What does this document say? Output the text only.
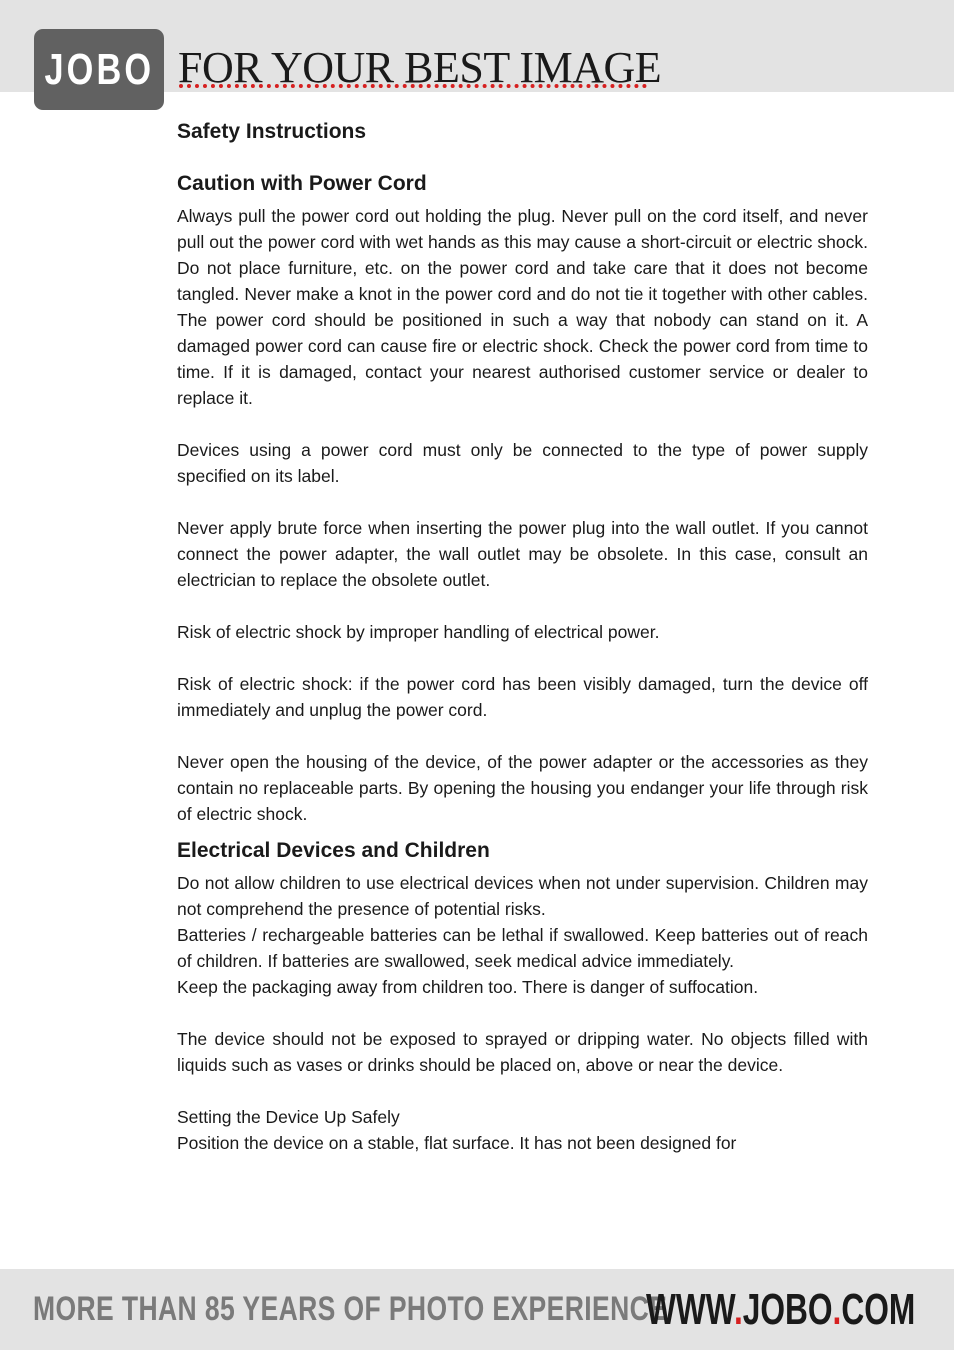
JOBO FOR YOUR BEST IMAGE
Safety Instructions
Caution with Power Cord

Always pull the power cord out holding the plug. Never pull on the cord itself, and never pull out the power cord with wet hands as this may cause a short-circuit or electric shock. Do not place furniture, etc. on the power cord and take care that it does not become tangled. Never make a knot in the power cord and do not tie it together with other cables. The power cord should be positioned in such a way that nobody can stand on it. A damaged power cord can cause fire or electric shock. Check the power cord from time to time. If it is damaged, contact your nearest authorised customer service or dealer to replace it.

Devices using a power cord must only be connected to the type of power supply specified on its label.

Never apply brute force when inserting the power plug into the wall outlet. If you cannot connect the power adapter, the wall outlet may be obsolete. In this case, consult an electrician to replace the obsolete outlet.

Risk of electric shock by improper handling of electrical power.

Risk of electric shock: if the power cord has been visibly damaged, turn the device off immediately and unplug the power cord.

Never open the housing of the device, of the power adapter or the accessories as they contain no replaceable parts. By opening the housing you endanger your life through risk of electric shock.

Electrical Devices and Children

Do not allow children to use electrical devices when not under supervision. Children may not comprehend the presence of potential risks.

Batteries / rechargeable batteries can be lethal if swallowed. Keep batteries out of reach of children. If batteries are swallowed, seek medical advice immediately.

Keep the packaging away from children too. There is danger of suffocation.

The device should not be exposed to sprayed or dripping water. No objects filled with liquids such as vases or drinks should be placed on, above or near the device.

Setting the Device Up Safely

Position the device on a stable, flat surface. It has not been designed for

MORE THAN 85 YEARS OF PHOTO EXPERIENCE
WWW.JOBO.COM
